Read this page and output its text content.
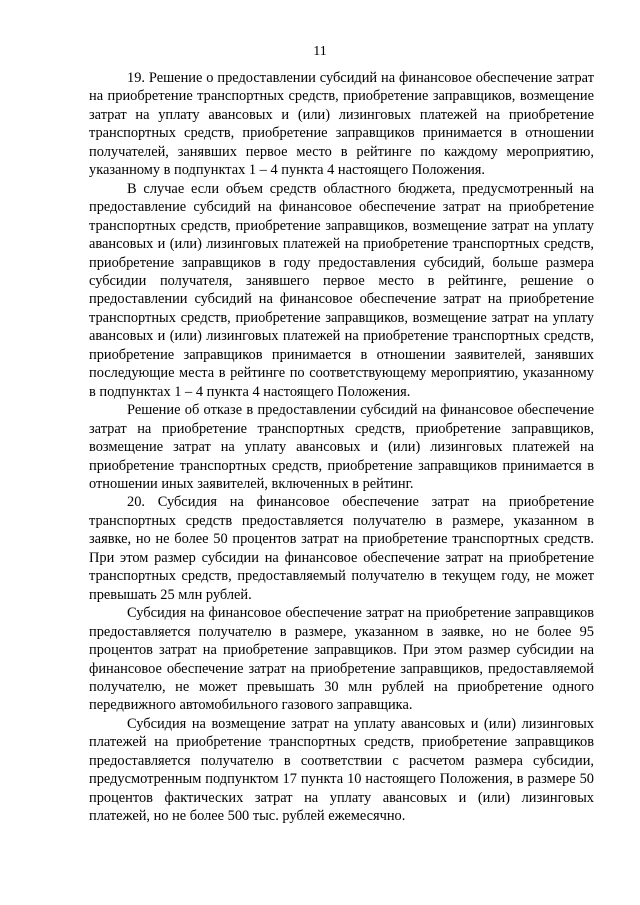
11

19. Решение о предоставлении субсидий на финансовое обеспечение затрат на приобретение транспортных средств, приобретение заправщиков, возмещение затрат на уплату авансовых и (или) лизинговых платежей на приобретение транспортных средств, приобретение заправщиков принимается в отношении получателей, занявших первое место в рейтинге по каждому мероприятию, указанному в подпунктах 1 – 4 пункта 4 настоящего Положения.

В случае если объем средств областного бюджета, предусмотренный на предоставление субсидий на финансовое обеспечение затрат на приобретение транспортных средств, приобретение заправщиков, возмещение затрат на уплату авансовых и (или) лизинговых платежей на приобретение транспортных средств, приобретение заправщиков в году предоставления субсидий, больше размера субсидии получателя, занявшего первое место в рейтинге, решение о предоставлении субсидий на финансовое обеспечение затрат на приобретение транспортных средств, приобретение заправщиков, возмещение затрат на уплату авансовых и (или) лизинговых платежей на приобретение транспортных средств, приобретение заправщиков принимается в отношении заявителей, занявших последующие места в рейтинге по соответствующему мероприятию, указанному в подпунктах 1 – 4 пункта 4 настоящего Положения.

Решение об отказе в предоставлении субсидий на финансовое обеспечение затрат на приобретение транспортных средств, приобретение заправщиков, возмещение затрат на уплату авансовых и (или) лизинговых платежей на приобретение транспортных средств, приобретение заправщиков принимается в отношении иных заявителей, включенных в рейтинг.

20. Субсидия на финансовое обеспечение затрат на приобретение транспортных средств предоставляется получателю в размере, указанном в заявке, но не более 50 процентов затрат на приобретение транспортных средств. При этом размер субсидии на финансовое обеспечение затрат на приобретение транспортных средств, предоставляемый получателю в текущем году, не может превышать 25 млн рублей.

Субсидия на финансовое обеспечение затрат на приобретение заправщиков предоставляется получателю в размере, указанном в заявке, но не более 95 процентов затрат на приобретение заправщиков. При этом размер субсидии на финансовое обеспечение затрат на приобретение заправщиков, предоставляемой получателю, не может превышать 30 млн рублей на приобретение одного передвижного автомобильного газового заправщика.

Субсидия на возмещение затрат на уплату авансовых и (или) лизинговых платежей на приобретение транспортных средств, приобретение заправщиков предоставляется получателю в соответствии с расчетом размера субсидии, предусмотренным подпунктом 17 пункта 10 настоящего Положения, в размере 50 процентов фактических затрат на уплату авансовых и (или) лизинговых платежей, но не более 500 тыс. рублей ежемесячно.
